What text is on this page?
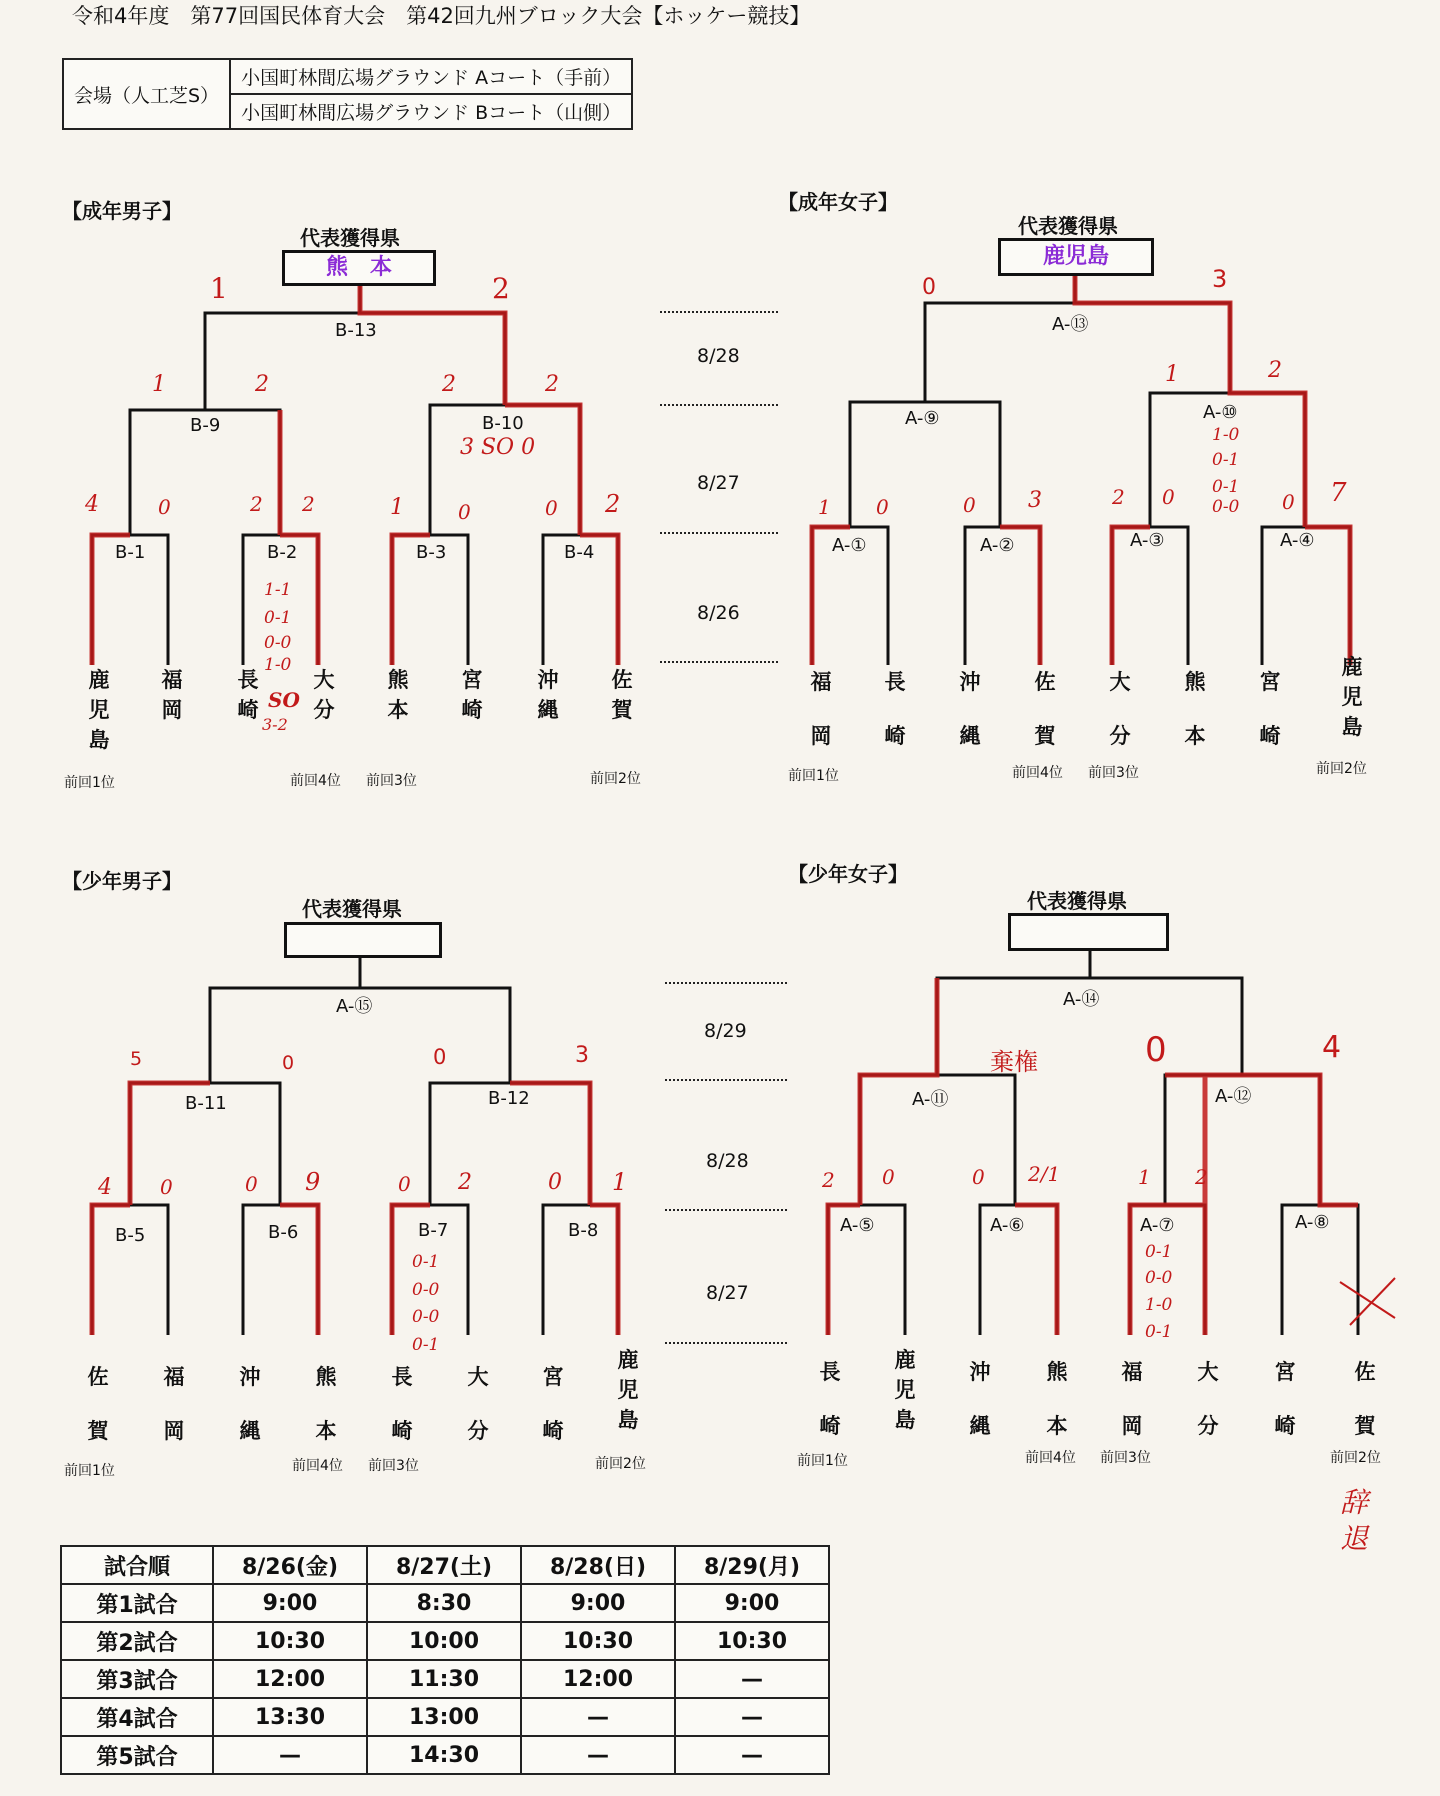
令和4年度　第77回国民体育大会　第42回九州ブロック大会【ホッケー競技】
会場（人工芝S）	小国町林間広場グラウンド Aコート（手前）
小国町林間広場グラウンド Bコート（山側）
【成年男子】
代表獲得県
熊　本
B-13
B-9	B-10
B-1	B-2	B-3	B-4
1	2
1	2	2	2
3 SO 0
4	0	2 2	1	0	0 2
1-1
0-1
0-0
1-0
SO
3-2
鹿
児
島
福
岡
長
崎
大
分
熊
本
宮
崎
沖
縄
佐
賀
前回1位	前回4位 前回3位	前回2位
8/28
8/27
8/26
【成年女子】
代表獲得県
鹿児島
A-⑬
A-⑨	A-⑩
A-①	A-②	A-③	A-④
0	3
1	2
1 0	0 3	2 0	0 7
1-0
0-1
0-1
0-0
福
岡
長
崎
沖
縄
佐
賀
大
分
熊
本
宮
崎
鹿
児
島
前回1位	前回4位 前回3位	前回2位
【少年男子】
代表獲得県
A-⑮
B-11	B-12
B-5	B-6	B-7	B-8
5	0	0	3
4 0	0 9	0 2	0 1
0-1
0-0
0-0
0-1
佐
賀
福
岡
沖
縄
熊
本
長
崎
大
分
宮
崎
鹿
児
島
前回1位	前回4位 前回3位	前回2位
8/29
8/28
8/27
【少年女子】
代表獲得県
A-⑭
A-⑪	A-⑫
A-⑤	A-⑥	A-⑦	A-⑧
棄権	0	4
2 0	0 2/1	1 2
0-1
0-0
1-0
0-1
辞退
長
崎
鹿
児
島
沖
縄
熊
本
福
岡
大
分
宮
崎
佐
賀
前回1位	前回4位 前回3位	前回2位
試合順	8/26(金)	8/27(土)	8/28(日)	8/29(月)
第1試合	9:00	8:30	9:00	9:00
第2試合	10:30	10:00	10:30	10:30
第3試合	12:00	11:30	12:00	—
第4試合	13:30	13:00	—	—
第5試合	—	14:30	—	—
